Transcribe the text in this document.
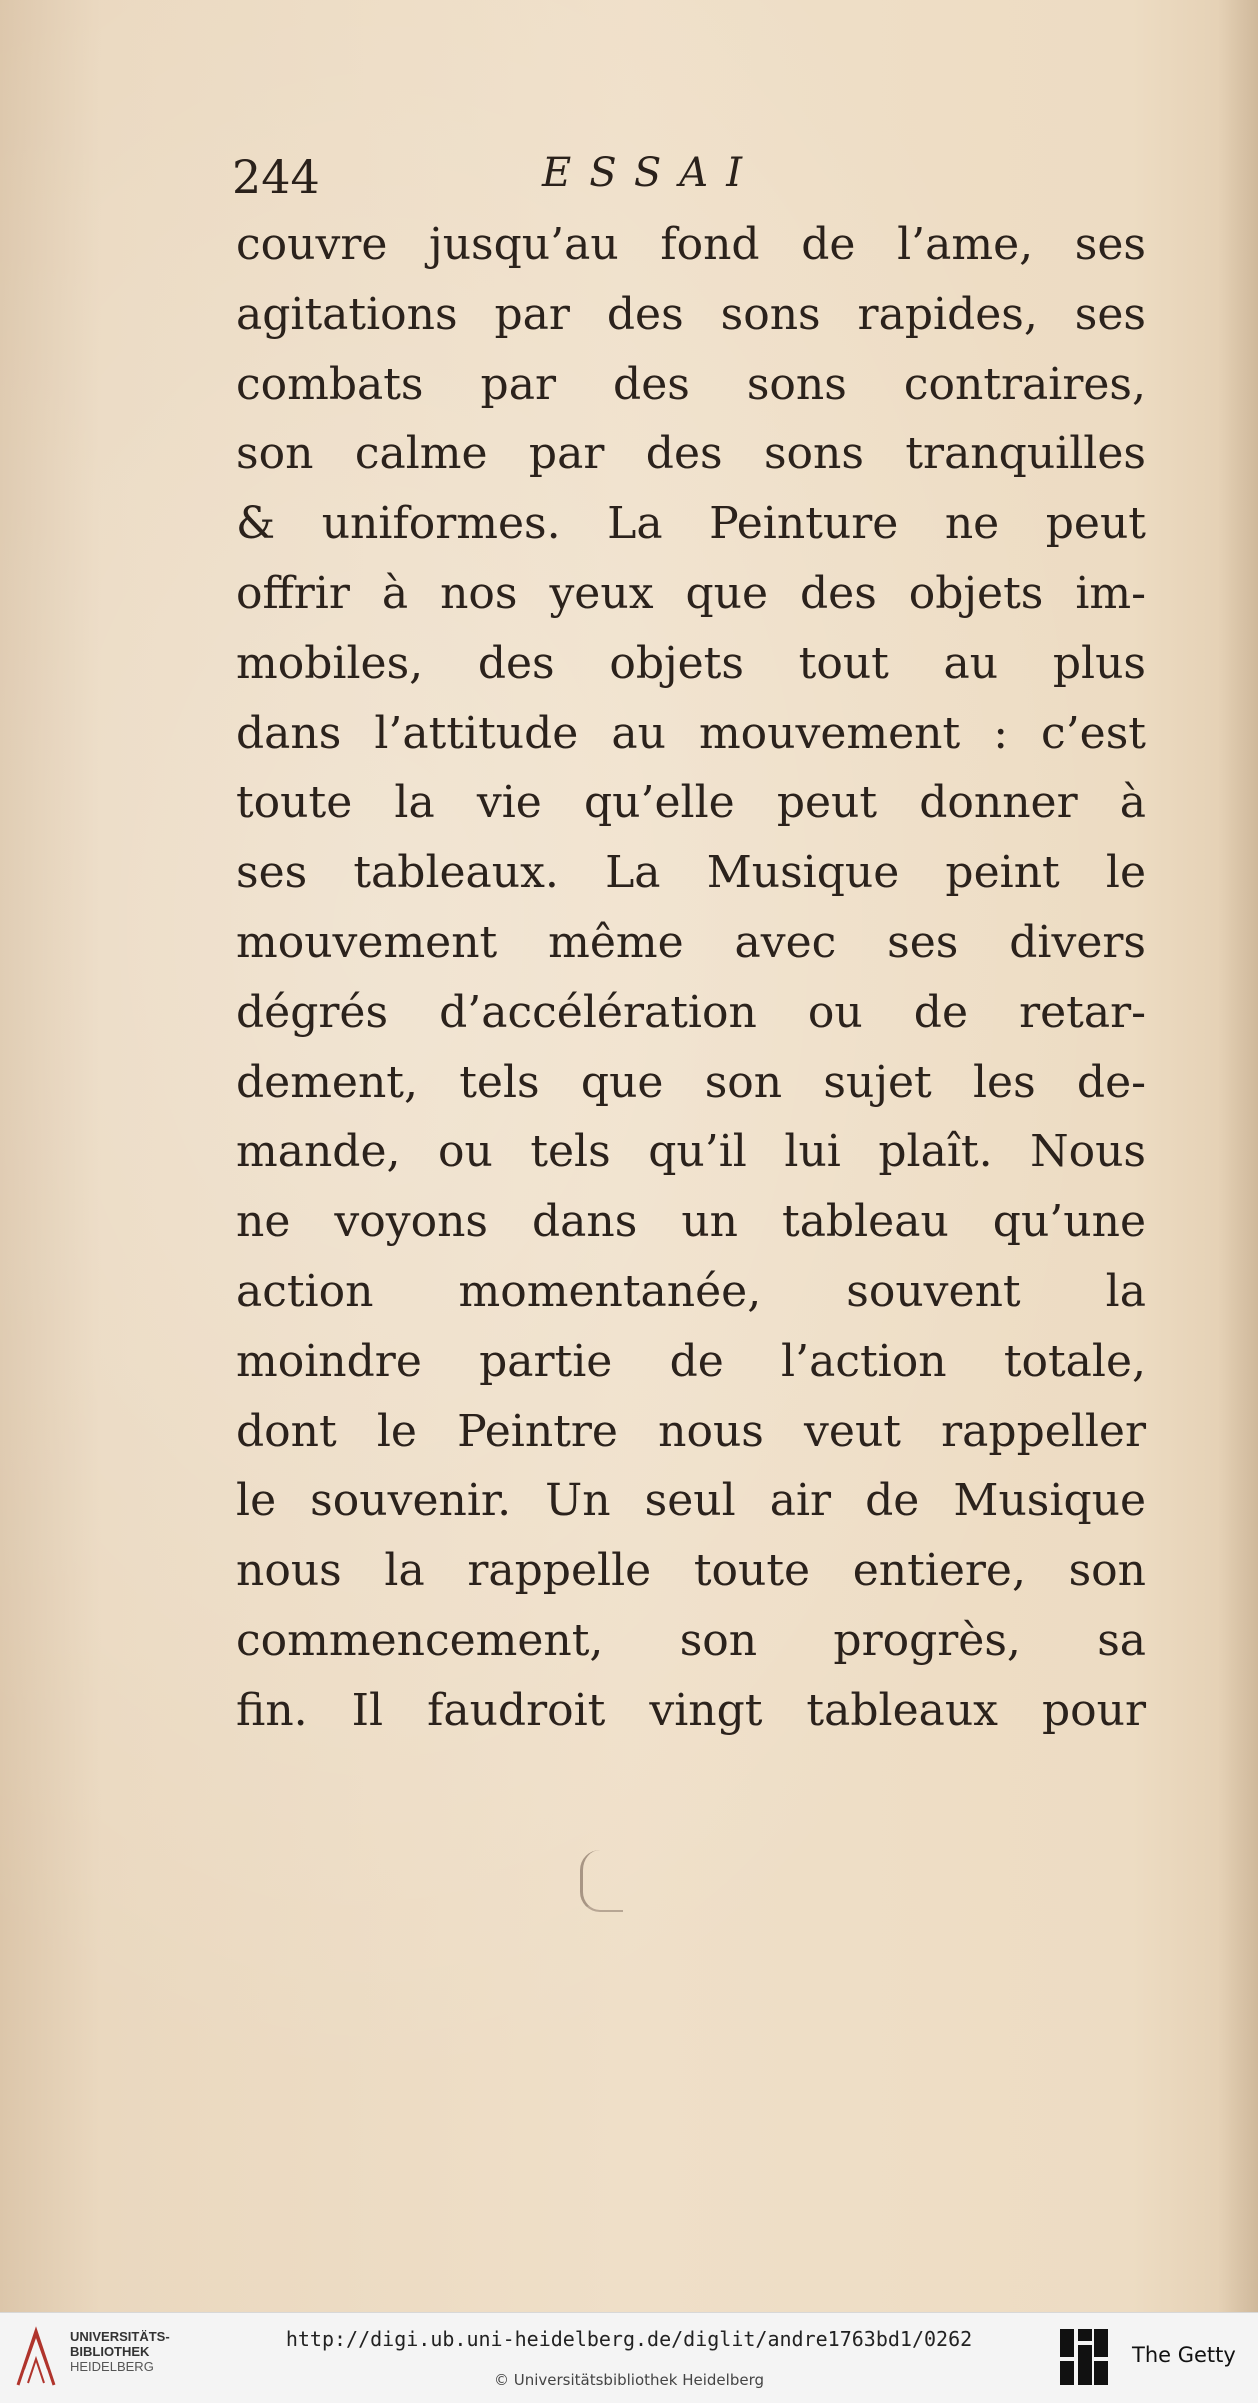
244	ESSAI
couvre jusqu’au fond de l’ame, ses
agitations par des sons rapides, ses
combats par des sons contraires,
son calme par des sons tranquilles
& uniformes. La Peinture ne peut
offrir à nos yeux que des objets im-
mobiles, des objets tout au plus
dans l’attitude au mouvement : c’est
toute la vie qu’elle peut donner à
ses tableaux. La Musique peint le
mouvement même avec ses divers
dégrés d’accélération ou de retar-
dement, tels que son sujet les de-
mande, ou tels qu’il lui plaît. Nous
ne voyons dans un tableau qu’une
action momentanée, souvent la
moindre partie de l’action totale,
dont le Peintre nous veut rappeller
le souvenir. Un seul air de Musique
nous la rappelle toute entiere, son
commencement, son progrès, sa
fin. Il faudroit vingt tableaux pour
UNIVERSITÄTS-
BIBLIOTHEK
HEIDELBERG
http://digi.ub.uni-heidelberg.de/diglit/andre1763bd1/0262
© Universitätsbibliothek Heidelberg
The Getty
